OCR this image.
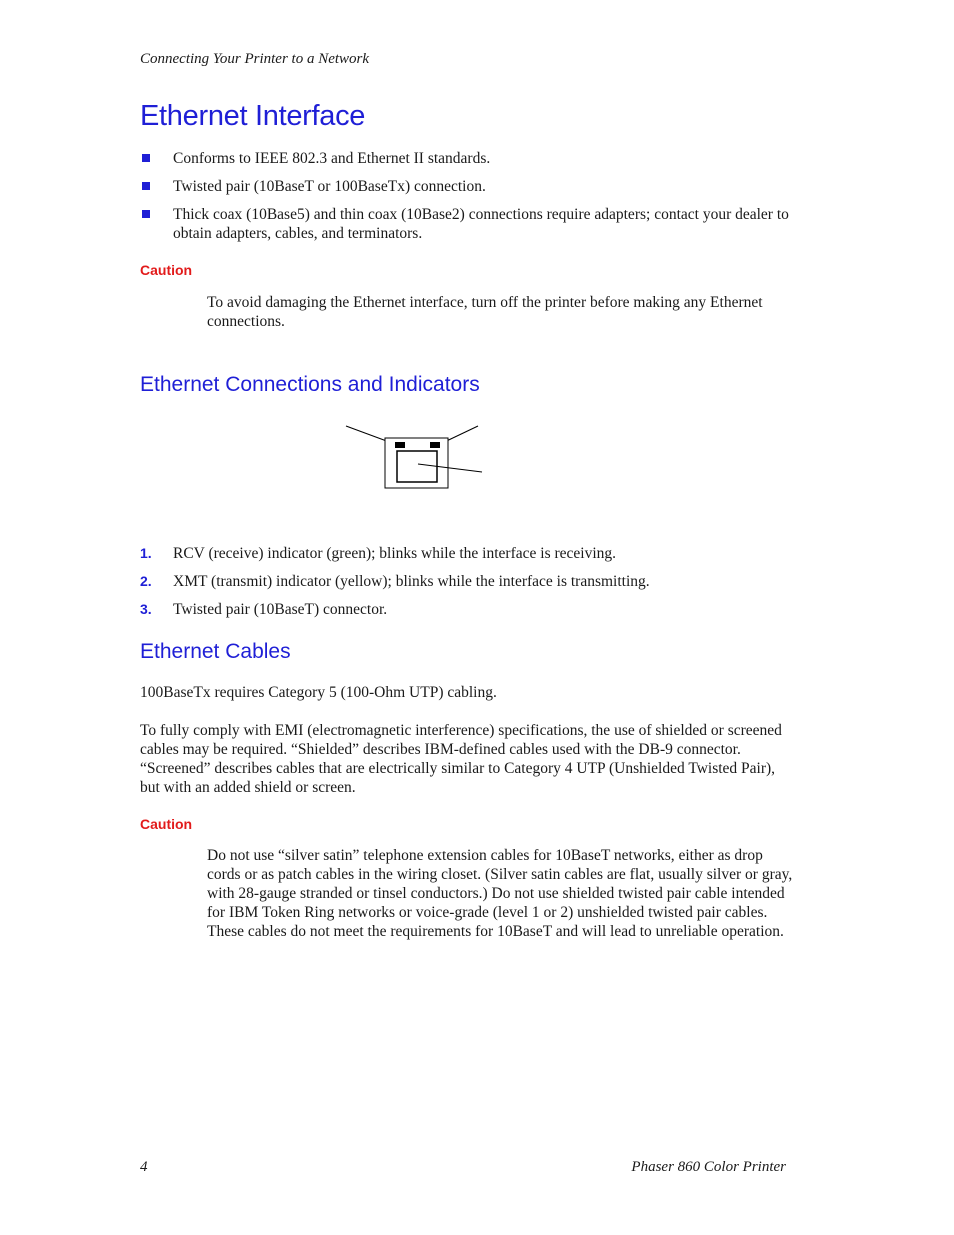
Connecting Your Printer to a Network
Ethernet Interface
Conforms to IEEE 802.3 and Ethernet II standards.
Twisted pair (10BaseT or 100BaseTx) connection.
Thick coax (10Base5) and thin coax (10Base2) connections require adapters; contact your dealer to obtain adapters, cables, and terminators.
Caution

To avoid damaging the Ethernet interface, turn off the printer before making any Ethernet connections.

Ethernet Connections and Indicators
1. RCV (receive) indicator (green); blinks while the interface is receiving.
2. XMT (transmit) indicator (yellow); blinks while the interface is transmitting.
3. Twisted pair (10BaseT) connector.
Ethernet Cables

100BaseTx requires Category 5 (100-Ohm UTP) cabling.

To fully comply with EMI (electromagnetic interference) specifications, the use of shielded or screened cables may be required. “Shielded” describes IBM-defined cables used with the DB-9 connector. “Screened” describes cables that are electrically similar to Category 4 UTP (Unshielded Twisted Pair), but with an added shield or screen.

Caution

Do not use “silver satin” telephone extension cables for 10BaseT networks, either as drop cords or as patch cables in the wiring closet. (Silver satin cables are flat, usually silver or gray, with 28-gauge stranded or tinsel conductors.) Do not use shielded twisted pair cable intended for IBM Token Ring networks or voice-grade (level 1 or 2) unshielded twisted pair cables. These cables do not meet the requirements for 10BaseT and will lead to unreliable operation.

4	Phaser 860 Color Printer
